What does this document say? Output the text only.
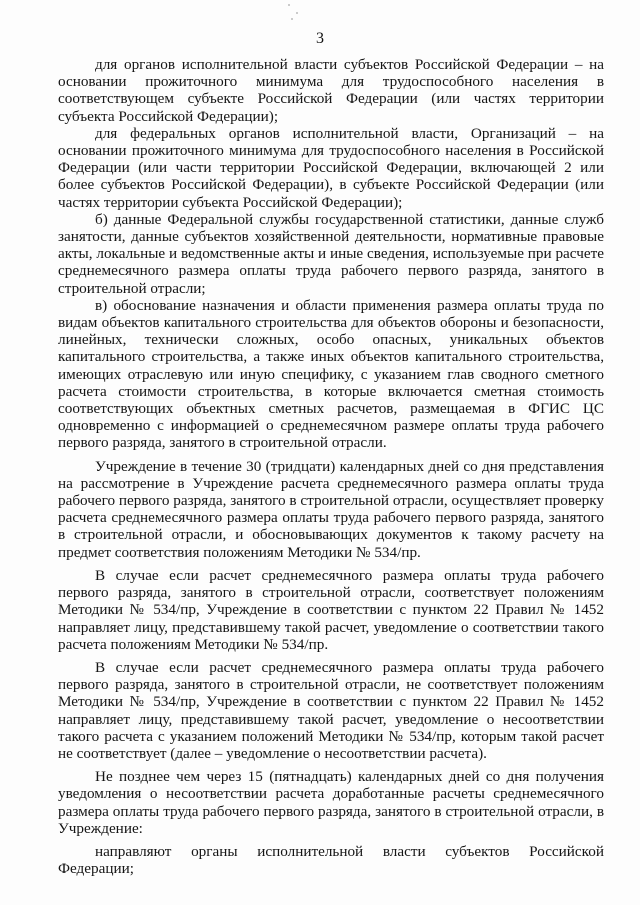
3

для органов исполнительной власти субъектов Российской Федерации – на основании прожиточного минимума для трудоспособного населения в соответствующем субъекте Российской Федерации (или частях территории субъекта Российской Федерации);

для федеральных органов исполнительной власти, Организаций – на основании прожиточного минимума для трудоспособного населения в Российской Федерации (или части территории Российской Федерации, включающей 2 или более субъектов Российской Федерации), в субъекте Российской Федерации (или частях территории субъекта Российской Федерации);

б) данные Федеральной службы государственной статистики, данные служб занятости, данные субъектов хозяйственной деятельности, нормативные правовые акты, локальные и ведомственные акты и иные сведения, используемые при расчете среднемесячного размера оплаты труда рабочего первого разряда, занятого в строительной отрасли;

в) обоснование назначения и области применения размера оплаты труда по видам объектов капитального строительства для объектов обороны и безопасности, линейных, технически сложных, особо опасных, уникальных объектов капитального строительства, а также иных объектов капитального строительства, имеющих отраслевую или иную специфику, с указанием глав сводного сметного расчета стоимости строительства, в которые включается сметная стоимость соответствующих объектных сметных расчетов, размещаемая в ФГИС ЦС одновременно с информацией о среднемесячном размере оплаты труда рабочего первого разряда, занятого в строительной отрасли.

Учреждение в течение 30 (тридцати) календарных дней со дня представления на рассмотрение в Учреждение расчета среднемесячного размера оплаты труда рабочего первого разряда, занятого в строительной отрасли, осуществляет проверку расчета среднемесячного размера оплаты труда рабочего первого разряда, занятого в строительной отрасли, и обосновывающих документов к такому расчету на предмет соответствия положениям Методики № 534/пр.

В случае если расчет среднемесячного размера оплаты труда рабочего первого разряда, занятого в строительной отрасли, соответствует положениям Методики № 534/пр, Учреждение в соответствии с пунктом 22 Правил № 1452 направляет лицу, представившему такой расчет, уведомление о соответствии такого расчета положениям Методики № 534/пр.

В случае если расчет среднемесячного размера оплаты труда рабочего первого разряда, занятого в строительной отрасли, не соответствует положениям Методики № 534/пр, Учреждение в соответствии с пунктом 22 Правил № 1452 направляет лицу, представившему такой расчет, уведомление о несоответствии такого расчета с указанием положений Методики № 534/пр, которым такой расчет не соответствует (далее – уведомление о несоответствии расчета).

Не позднее чем через 15 (пятнадцать) календарных дней со дня получения уведомления о несоответствии расчета доработанные расчеты среднемесячного размера оплаты труда рабочего первого разряда, занятого в строительной отрасли, в Учреждение:

направляют органы исполнительной власти субъектов Российской Федерации;
